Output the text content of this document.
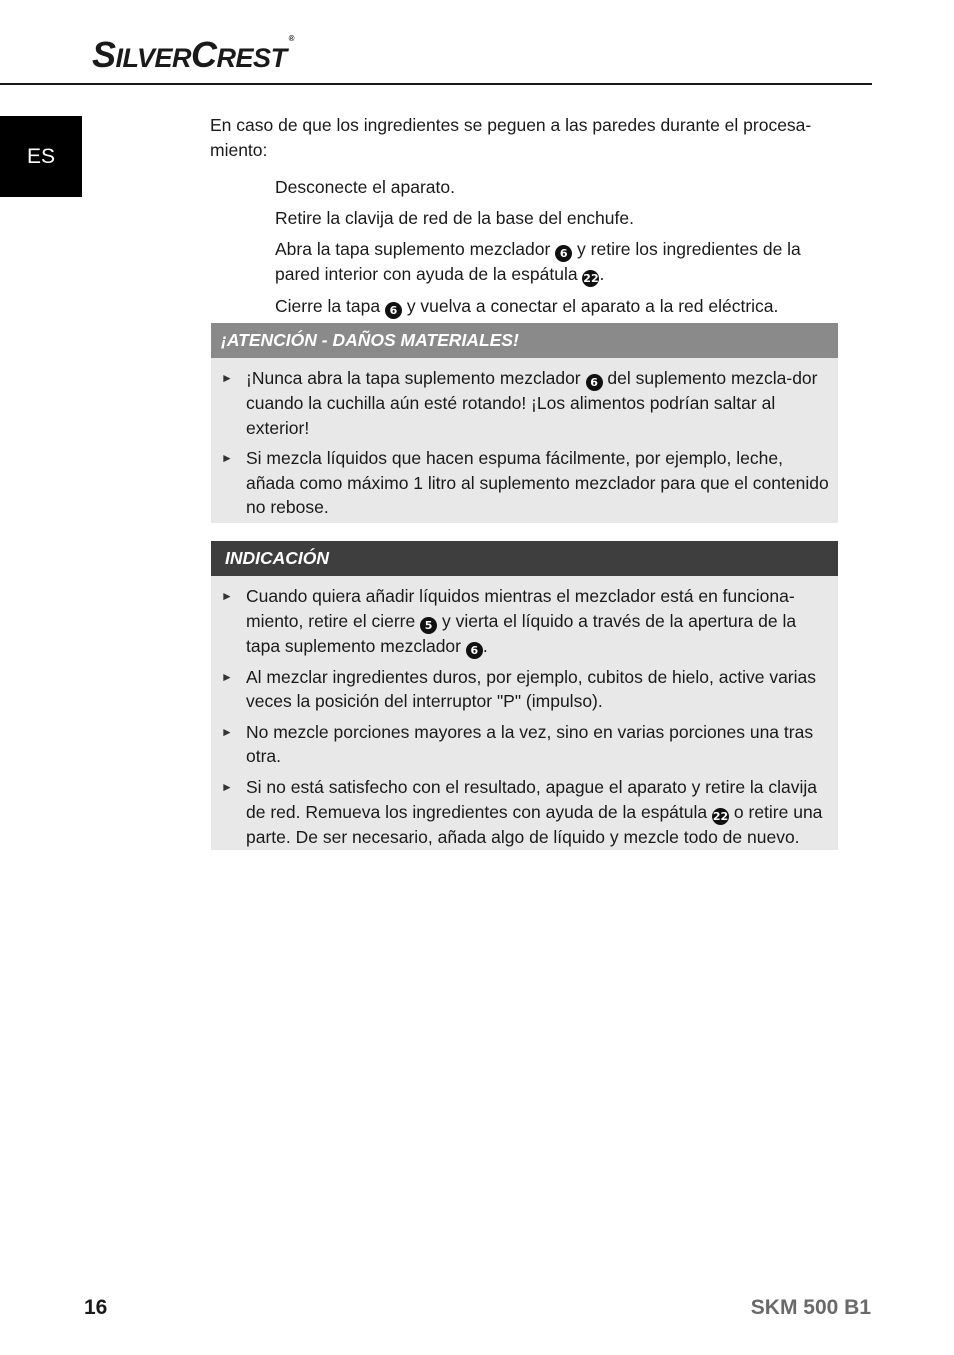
SILVERCREST®
ES
En caso de que los ingredientes se peguen a las paredes durante el procesa-miento:

Desconecte el aparato.

Retire la clavija de red de la base del enchufe.

Abra la tapa suplemento mezclador 6 y retire los ingredientes de la pared interior con ayuda de la espátula 22.

Cierre la tapa 6 y vuelva a conectar el aparato a la red eléctrica.

¡ATENCIÓN - DAÑOS MATERIALES!
► ¡Nunca abra la tapa suplemento mezclador 6 del suplemento mezcla-dor cuando la cuchilla aún esté rotando! ¡Los alimentos podrían saltar al exterior!
► Si mezcla líquidos que hacen espuma fácilmente, por ejemplo, leche, añada como máximo 1 litro al suplemento mezclador para que el contenido no rebose.
INDICACIÓN
► Cuando quiera añadir líquidos mientras el mezclador está en funciona-miento, retire el cierre 5 y vierta el líquido a través de la apertura de la tapa suplemento mezclador 6 .
► Al mezclar ingredientes duros, por ejemplo, cubitos de hielo, active varias veces la posición del interruptor "P" (impulso).
► No mezcle porciones mayores a la vez, sino en varias porciones una tras otra.
► Si no está satisfecho con el resultado, apague el aparato y retire la clavija de red. Remueva los ingredientes con ayuda de la espátula 22 o retire una parte. De ser necesario, añada algo de líquido y mezcle todo de nuevo.
16	SKM 500 B1
